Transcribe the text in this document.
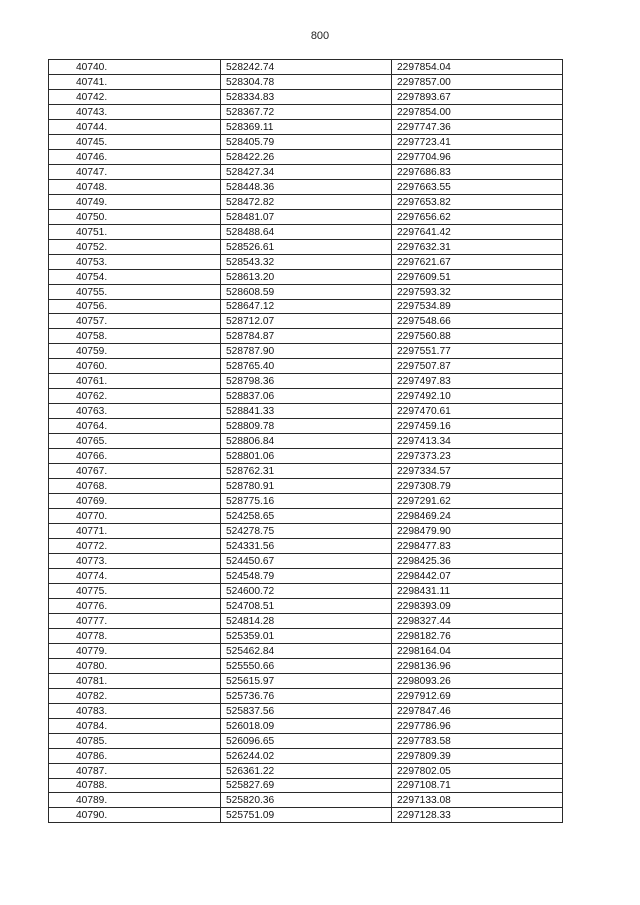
800
40740.	528242.74	2297854.04
40741.	528304.78	2297857.00
40742.	528334.83	2297893.67
40743.	528367.72	2297854.00
40744.	528369.11	2297747.36
40745.	528405.79	2297723.41
40746.	528422.26	2297704.96
40747.	528427.34	2297686.83
40748.	528448.36	2297663.55
40749.	528472.82	2297653.82
40750.	528481.07	2297656.62
40751.	528488.64	2297641.42
40752.	528526.61	2297632.31
40753.	528543.32	2297621.67
40754.	528613.20	2297609.51
40755.	528608.59	2297593.32
40756.	528647.12	2297534.89
40757.	528712.07	2297548.66
40758.	528784.87	2297560.88
40759.	528787.90	2297551.77
40760.	528765.40	2297507.87
40761.	528798.36	2297497.83
40762.	528837.06	2297492.10
40763.	528841.33	2297470.61
40764.	528809.78	2297459.16
40765.	528806.84	2297413.34
40766.	528801.06	2297373.23
40767.	528762.31	2297334.57
40768.	528780.91	2297308.79
40769.	528775.16	2297291.62
40770.	524258.65	2298469.24
40771.	524278.75	2298479.90
40772.	524331.56	2298477.83
40773.	524450.67	2298425.36
40774.	524548.79	2298442.07
40775.	524600.72	2298431.11
40776.	524708.51	2298393.09
40777.	524814.28	2298327.44
40778.	525359.01	2298182.76
40779.	525462.84	2298164.04
40780.	525550.66	2298136.96
40781.	525615.97	2298093.26
40782.	525736.76	2297912.69
40783.	525837.56	2297847.46
40784.	526018.09	2297786.96
40785.	526096.65	2297783.58
40786.	526244.02	2297809.39
40787.	526361.22	2297802.05
40788.	525827.69	2297108.71
40789.	525820.36	2297133.08
40790.	525751.09	2297128.33
